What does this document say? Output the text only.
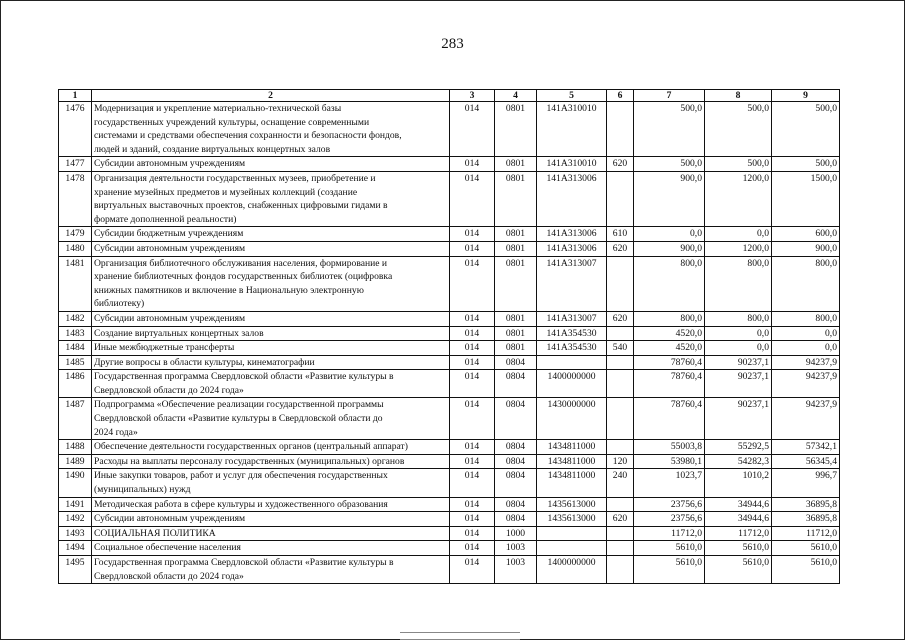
283
1	2	3	4	5	6	7	8	9
1476	Модернизация и укрепление материально-технической базы
государственных учреждений культуры, оснащение современными
системами и средствами обеспечения сохранности и безопасности фондов,
людей и зданий, создание виртуальных концертных залов	014	0801	141A310010		500,0	500,0	500,0
1477	Субсидии автономным учреждениям	014	0801	141A310010	620	500,0	500,0	500,0
1478	Организация деятельности государственных музеев, приобретение и
хранение музейных предметов и музейных коллекций (создание
виртуальных выставочных проектов, снабженных цифровыми гидами в
формате дополненной реальности)	014	0801	141A313006		900,0	1200,0	1500,0
1479	Субсидии бюджетным учреждениям	014	0801	141A313006	610	0,0	0,0	600,0
1480	Субсидии автономным учреждениям	014	0801	141A313006	620	900,0	1200,0	900,0
1481	Организация библиотечного обслуживания населения, формирование и
хранение библиотечных фондов государственных библиотек (оцифровка
книжных памятников и включение в Национальную электронную
библиотеку)	014	0801	141A313007		800,0	800,0	800,0
1482	Субсидии автономным учреждениям	014	0801	141A313007	620	800,0	800,0	800,0
1483	Создание виртуальных концертных залов	014	0801	141A354530		4520,0	0,0	0,0
1484	Иные межбюджетные трансферты	014	0801	141A354530	540	4520,0	0,0	0,0
1485	Другие вопросы в области культуры, кинематографии	014	0804			78760,4	90237,1	94237,9
1486	Государственная программа Свердловской области «Развитие культуры в
Свердловской области до 2024 года»	014	0804	1400000000		78760,4	90237,1	94237,9
1487	Подпрограмма «Обеспечение реализации государственной программы
Свердловской области «Развитие культуры в Свердловской области до
2024 года»	014	0804	1430000000		78760,4	90237,1	94237,9
1488	Обеспечение деятельности государственных органов (центральный аппарат)	014	0804	1434811000		55003,8	55292,5	57342,1
1489	Расходы на выплаты персоналу государственных (муниципальных) органов	014	0804	1434811000	120	53980,1	54282,3	56345,4
1490	Иные закупки товаров, работ и услуг для обеспечения государственных
(муниципальных) нужд	014	0804	1434811000	240	1023,7	1010,2	996,7
1491	Методическая работа в сфере культуры и художественного образования	014	0804	1435613000		23756,6	34944,6	36895,8
1492	Субсидии автономным учреждениям	014	0804	1435613000	620	23756,6	34944,6	36895,8
1493	СОЦИАЛЬНАЯ ПОЛИТИКА	014	1000			11712,0	11712,0	11712,0
1494	Социальное обеспечение населения	014	1003			5610,0	5610,0	5610,0
1495	Государственная программа Свердловской области «Развитие культуры в
Свердловской области до 2024 года»	014	1003	1400000000		5610,0	5610,0	5610,0
